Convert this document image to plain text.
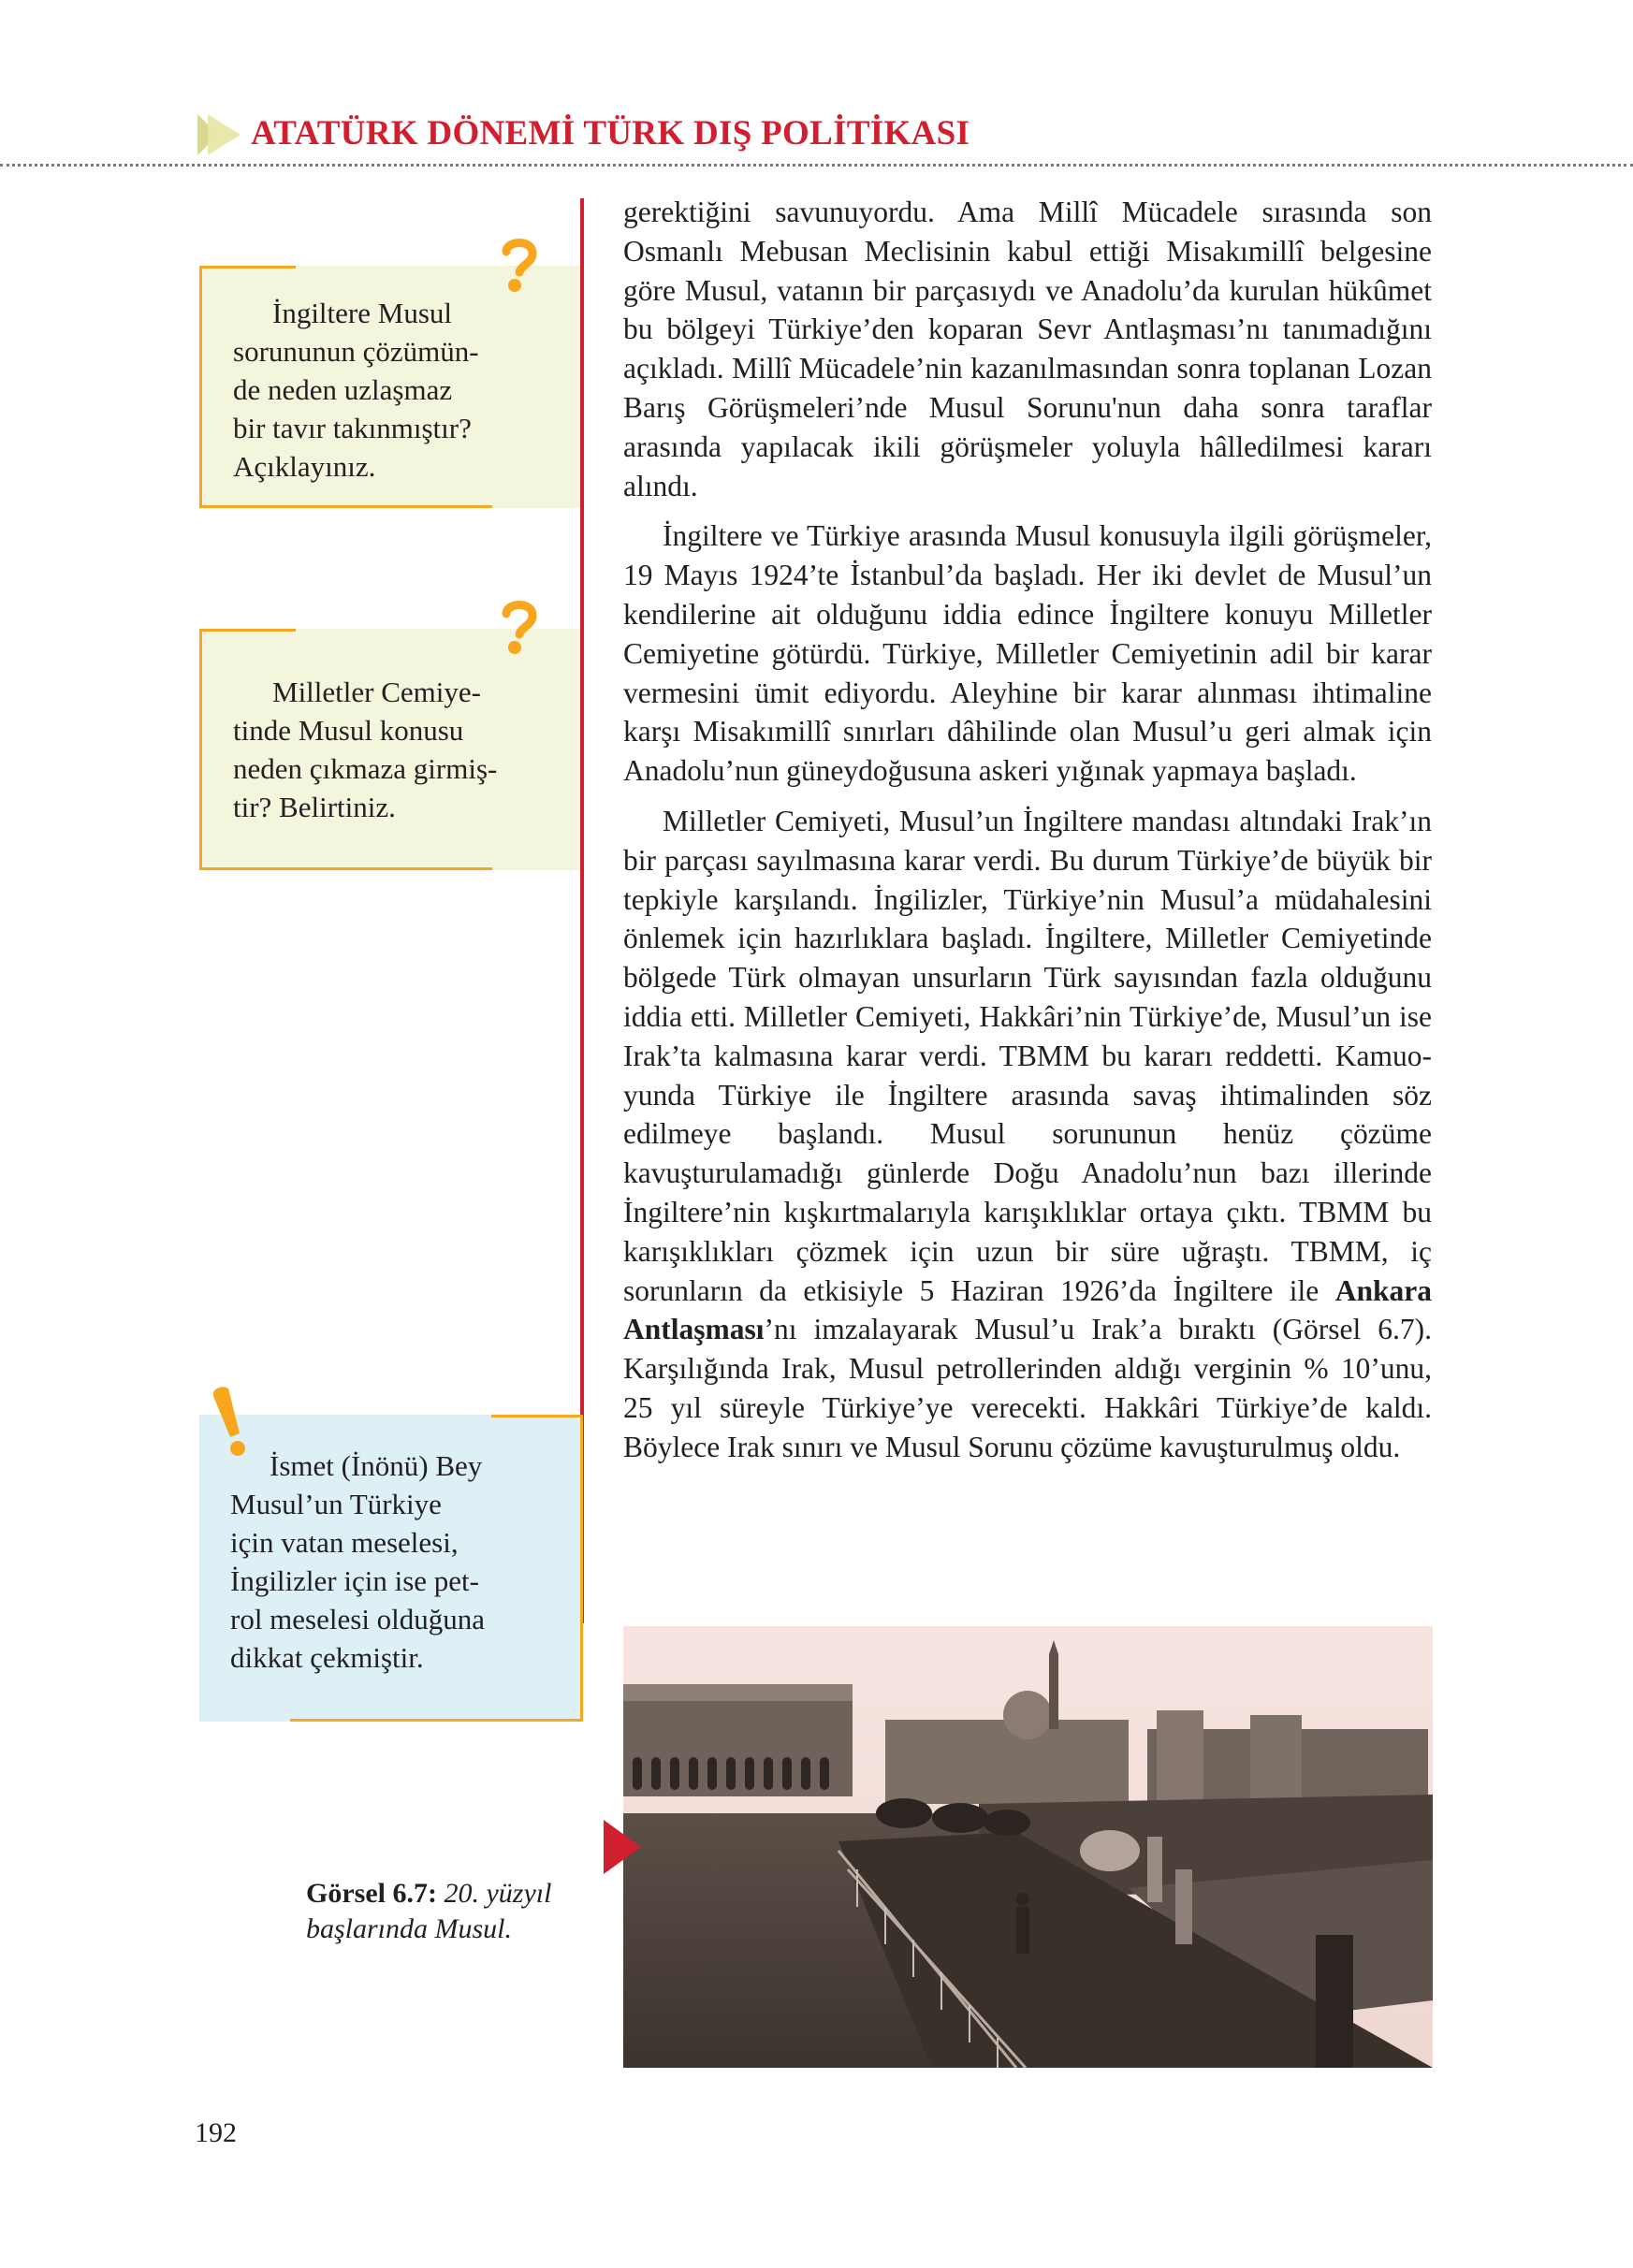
ATATÜRK DÖNEMİ TÜRK DIŞ POLİTİKASI

İngiltere Musul

sorununun çözümün-
de neden uzlaşmaz
bir tavır takınmıştır?
Açıklayınız.

Milletler Cemiye-

tinde Musul konusu
neden çıkmaza girmiş-
tir? Belirtiniz.

İsmet (İnönü) Bey

Musul’un Türkiye
için vatan meselesi,
İngilizler için ise pet-
rol meselesi olduğuna
dikkat çekmiştir.

gerektiğini savunuyordu. Ama Millî Mücadele sırasında son Osmanlı Mebusan Meclisinin kabul ettiği Misakımillî belgesine göre Musul, vatanın bir parçasıydı ve Anadolu’da kurulan hükûmet bu bölgeyi Türkiye’den koparan Sevr Antlaşması’nı tanımadığını açıkladı. Millî Mücadele’nin kazanılmasından sonra toplanan Lozan Barış Görüşmeleri’nde Musul Sorunu'nun daha sonra taraflar arasında yapılacak ikili görüşmeler yoluyla hâlledilmesi kararı alındı.

İngiltere ve Türkiye arasında Musul konusuyla ilgili görüşmeler, 19 Mayıs 1924’te İstanbul’da başladı. Her iki devlet de Musul’un kendilerine ait olduğunu iddia edince İngiltere konuyu Milletler Cemiyetine götürdü. Türkiye, Milletler Cemiyetinin adil bir karar vermesini ümit ediyordu. Aleyhine bir karar alınması ihtimaline karşı Misakımillî sınırları dâhilinde olan Musul’u geri almak için Anadolu’nun güneydoğusuna askeri yığınak yapmaya başladı.

Milletler Cemiyeti, Musul’un İngiltere mandası altındaki Irak’ın bir parçası sayılmasına karar verdi. Bu durum Türkiye’de büyük bir tepkiyle karşılandı. İngilizler, Türkiye’nin Musul’a müdahalesini önlemek için hazırlıklara başladı. İngiltere, Milletler Cemiyetinde bölgede Türk olmayan unsurların Türk sayısından fazla olduğunu iddia etti. Milletler Cemiyeti, Hakkâri’nin Türkiye’de, Musul’un ise Irak’ta kalmasına karar verdi. TBMM bu kararı reddetti. Kamuoyunda Türkiye ile İngiltere arasında savaş ihtimalinden söz edilmeye başlandı. Musul sorununun henüz çözüme kavuşturulamadığı günlerde Doğu Anadolu’nun bazı illerinde İngiltere’nin kışkırtmalarıyla karışıklıklar ortaya çıktı. TBMM bu karışıklıkları çözmek için uzun bir süre uğraştı. TBMM, iç sorunların da etkisiyle 5 Haziran 1926’da İngiltere ile Ankara Antlaşması’nı imzalayarak Musul’u Irak’a bıraktı (Görsel 6.7). Karşılığında Irak, Musul petrollerinden aldığı verginin % 10’unu, 25 yıl süreyle Türkiye’ye verecekti. Hakkâri Türkiye’de kaldı. Böylece Irak sınırı ve Musul Sorunu çözüme kavuşturulmuş oldu.

Görsel 6.7: 20. yüzyıl başlarında Musul.
192
